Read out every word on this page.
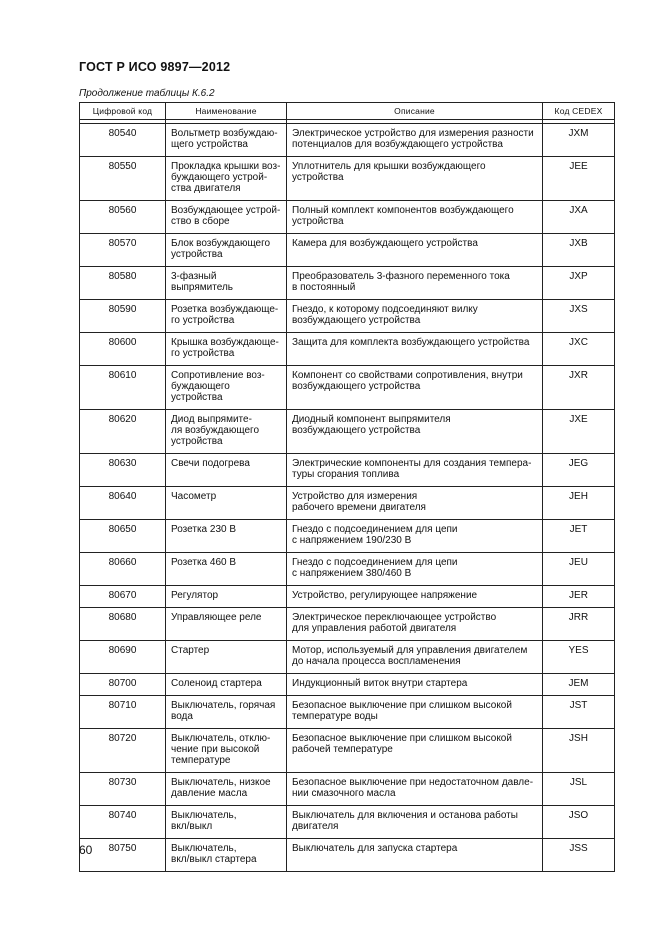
ГОСТ Р ИСО 9897—2012
Продолжение таблицы К.6.2
Цифровой код	Наименование	Описание	Код CEDEX

80540	Вольтметр возбуждаю-
щего устройства	Электрическое устройство для измерения разности
потенциалов для возбуждающего устройства	JXM
80550	Прокладка крышки воз-
буждающего устрой-
ства двигателя	Уплотнитель для крышки возбуждающего
устройства	JEE
80560	Возбуждающее устрой-
ство в сборе	Полный комплект компонентов возбуждающего
устройства	JXA
80570	Блок возбуждающего
устройства	Камера для возбуждающего устройства	JXB
80580	3-фазный
выпрямитель	Преобразователь 3-фазного переменного тока
в постоянный	JXP
80590	Розетка возбуждающе-
го устройства	Гнездо, к которому подсоединяют вилку
возбуждающего устройства	JXS
80600	Крышка возбуждающе-
го устройства	Защита для комплекта возбуждающего устройства	JXC
80610	Сопротивление воз-
буждающего
устройства	Компонент со свойствами сопротивления, внутри
возбуждающего устройства	JXR
80620	Диод выпрямите-
ля возбуждающего
устройства	Диодный компонент выпрямителя
возбуждающего устройства	JXE
80630	Свечи подогрева	Электрические компоненты для создания темпера-
туры сгорания топлива	JEG
80640	Часометр	Устройство для измерения
рабочего времени двигателя	JEH
80650	Розетка 230 В	Гнездо с подсоединением для цепи
с напряжением 190/230 В	JET
80660	Розетка 460 В	Гнездо с подсоединением для цепи
с напряжением 380/460 В	JEU
80670	Регулятор	Устройство, регулирующее напряжение	JER
80680	Управляющее реле	Электрическое переключающее устройство
для управления работой двигателя	JRR
80690	Стартер	Мотор, используемый для управления двигателем
до начала процесса воспламенения	YES
80700	Соленоид стартера	Индукционный виток внутри стартера	JEM
80710	Выключатель, горячая
вода	Безопасное выключение при слишком высокой
температуре воды	JST
80720	Выключатель, отклю-
чение при высокой
температуре	Безопасное выключение при слишком высокой
рабочей температуре	JSH
80730	Выключатель, низкое
давление масла	Безопасное выключение при недостаточном давле-
нии смазочного масла	JSL
80740	Выключатель,
вкл/выкл	Выключатель для включения и останова работы
двигателя	JSO
80750	Выключатель,
вкл/выкл стартера	Выключатель для запуска стартера	JSS
60
